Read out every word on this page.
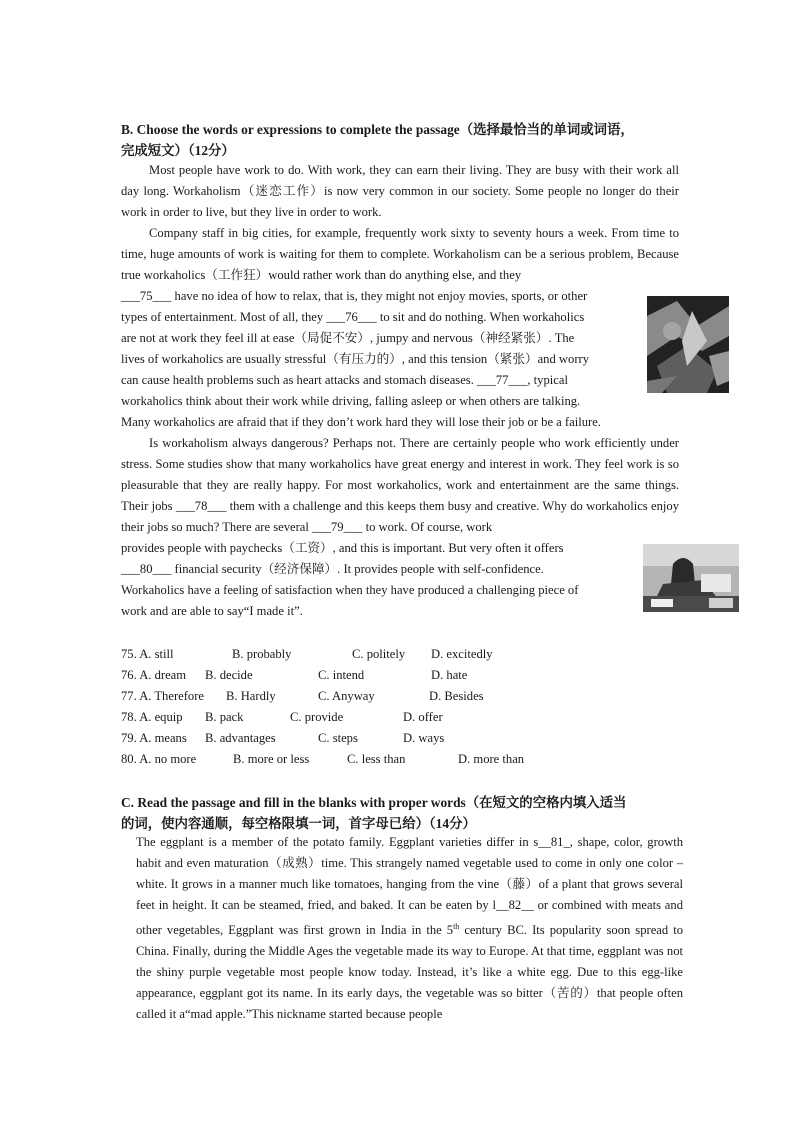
B. Choose the words or expressions to complete the passage（选择最恰当的单词或词语，
完成短文）（12分）
Most people have work to do. With work, they can earn their living. They are busy with their work all day long. Workaholism（迷恋工作）is now very common in our society. Some people no longer do their work in order to live, but they live in order to work.
Company staff in big cities, for example, frequently work sixty to seventy hours a week. From time to time, huge amounts of work is waiting for them to complete. Workaholism can be a serious problem, Because true workaholics（工作狂）would rather work than do anything else, and they
___75___ have no idea of how to relax, that is, they might not enjoy movies, sports, or other
types of entertainment. Most of all, they ___76___ to sit and do nothing. When workaholics
are not at work they feel ill at ease（局促不安）, jumpy and nervous（神经紧张）. The
lives of workaholics are usually stressful（有压力的）, and this tension（紧张）and worry
can cause health problems such as heart attacks and stomach diseases. ___77___, typical
workaholics think about their work while driving, falling asleep or when others are talking.
Many workaholics are afraid that if they don’t work hard they will lose their job or be a failure.
Is workaholism always dangerous? Perhaps not. There are certainly people who work efficiently under stress. Some studies show that many workaholics have great energy and interest in work. They feel work is so pleasurable that they are really happy. For most workaholics, work and entertainment are the same things. Their jobs ___78___ them with a challenge and this keeps them busy and creative. Why do workaholics enjoy their jobs so much? There are several ___79___ to work. Of course, work
provides people with paychecks（工资）, and this is important. But very often it offers
___80___ financial security（经济保障）. It provides people with self-confidence.
Workaholics have a feeling of satisfaction when they have produced a challenging piece of
work and are able to say“I made it”.
75. A. still	B. probably	C. politely D. excitedly
76. A. dream B. decide	C. intend	D. hate
77. A. Therefore B. Hardly	C. Anyway	D. Besides
78. A. equip B. pack	C. provide	D. offer
79. A. means B. advantages	C. steps	D. ways
80. A. no more	B. more or less	C. less than	D. more than
C. Read the passage and fill in the blanks with proper words（在短文的空格内填入适当
的词，使内容通顺，每空格限填一词，首字母已给）（14分）
The eggplant is a member of the potato family. Eggplant varieties differ in s__81_, shape, color, growth habit and even maturation（成熟）time. This strangely named vegetable used to come in only one color – white. It grows in a manner much like tomatoes, hanging from the vine（藤）of a plant that grows several feet in height. It can be steamed, fried, and baked. It can be eaten by l__82__ or combined with meats and other vegetables, Eggplant was first grown in India in the 5th century BC. Its popularity soon spread to China. Finally, during the Middle Ages the vegetable made its way to Europe. At that time, eggplant was not the shiny purple vegetable most people know today. Instead, it’s like a white egg. Due to this egg-like appearance, eggplant got its name. In its early days, the vegetable was so bitter（苦的）that people often called it a“mad apple.”This nickname started because people
